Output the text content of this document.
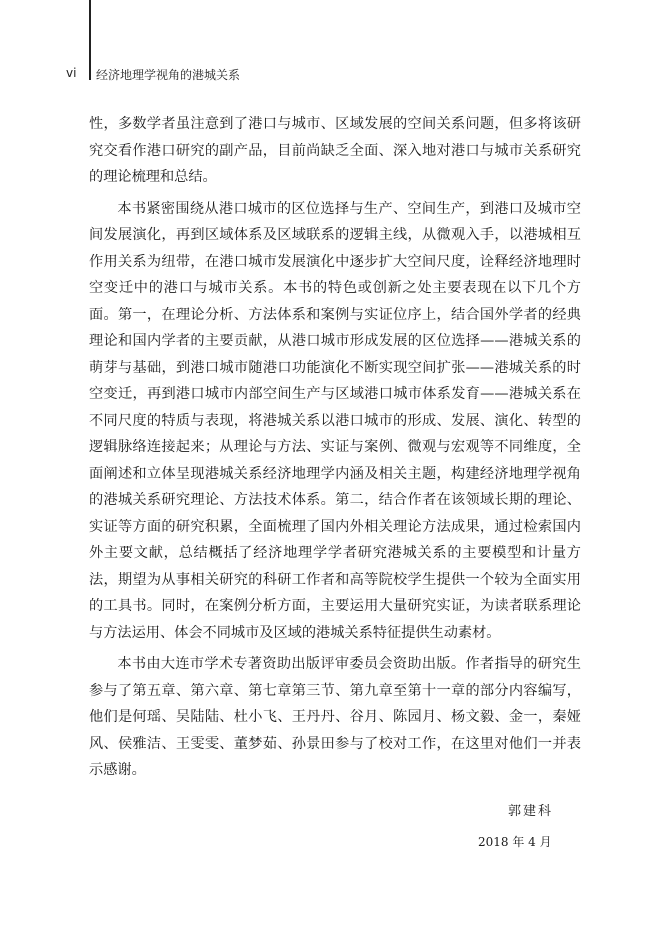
vi 经济地理学视角的港城关系

性，多数学者虽注意到了港口与城市、区域发展的空间关系问题，但多将该研究交看作港口研究的副产品，目前尚缺乏全面、深入地对港口与城市关系研究的理论梳理和总结。

本书紧密围绕从港口城市的区位选择与生产、空间生产，到港口及城市空间发展演化，再到区域体系及区域联系的逻辑主线，从微观入手，以港城相互作用关系为纽带，在港口城市发展演化中逐步扩大空间尺度，诠释经济地理时空变迁中的港口与城市关系。本书的特色或创新之处主要表现在以下几个方面。第一，在理论分析、方法体系和案例与实证位序上，结合国外学者的经典理论和国内学者的主要贡献，从港口城市形成发展的区位选择——港城关系的萌芽与基础，到港口城市随港口功能演化不断实现空间扩张——港城关系的时空变迁，再到港口城市内部空间生产与区域港口城市体系发育——港城关系在不同尺度的特质与表现，将港城关系以港口城市的形成、发展、演化、转型的逻辑脉络连接起来；从理论与方法、实证与案例、微观与宏观等不同维度，全面阐述和立体呈现港城关系经济地理学内涵及相关主题，构建经济地理学视角的港城关系研究理论、方法技术体系。第二，结合作者在该领域长期的理论、实证等方面的研究积累，全面梳理了国内外相关理论方法成果，通过检索国内外主要文献，总结概括了经济地理学学者研究港城关系的主要模型和计量方法，期望为从事相关研究的科研工作者和高等院校学生提供一个较为全面实用的工具书。同时，在案例分析方面，主要运用大量研究实证，为读者联系理论与方法运用、体会不同城市及区域的港城关系特征提供生动素材。

本书由大连市学术专著资助出版评审委员会资助出版。作者指导的研究生参与了第五章、第六章、第七章第三节、第九章至第十一章的部分内容编写，他们是何瑶、吴陆陆、杜小飞、王丹丹、谷月、陈园月、杨文毅、金一，秦娅风、侯雅洁、王雯雯、董梦茹、孙景田参与了校对工作，在这里对他们一并表示感谢。

郭建科
2018 年 4 月
